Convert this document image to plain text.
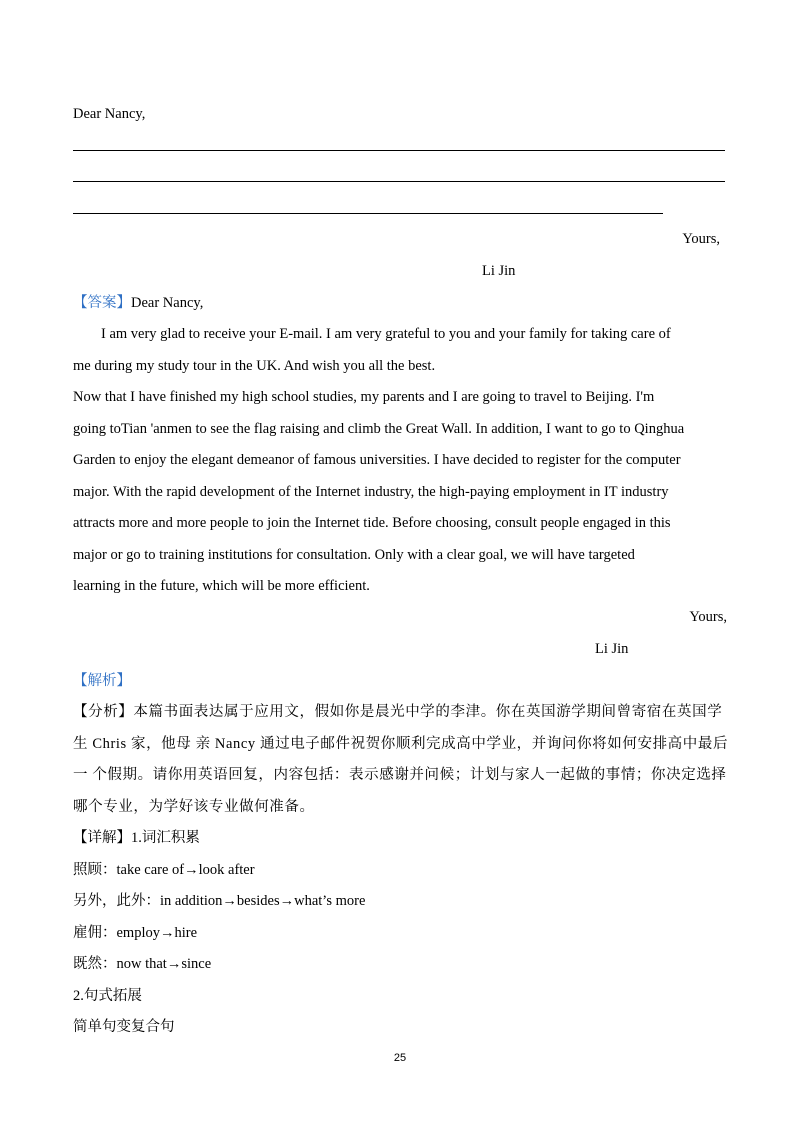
Dear Nancy,
Yours,
Li Jin
【答案】Dear Nancy,
I am very glad to receive your E-mail. I am very grateful to you and your family for taking care of
me during my study tour in the UK. And wish you all the best.
Now that I have finished my high school studies, my parents and I are going to travel to Beijing. I'm
going toTian 'anmen to see the flag raising and climb the Great Wall. In addition, I want to go to Qinghua
Garden to enjoy the elegant demeanor of famous universities. I have decided to register for the computer
major. With the rapid development of the Internet industry, the high-paying employment in IT industry
attracts more and more people to join the Internet tide. Before choosing, consult people engaged in this
major or go to training institutions for consultation. Only with a clear goal, we will have targeted
learning in the future, which will be more efficient.
Yours,
Li Jin
【解析】
【分析】本篇书面表达属于应用文，假如你是晨光中学的李津。你在英国游学期间曾寄宿在英国学
生 Chris 家，他母 亲 Nancy 通过电子邮件祝贺你顺利完成高中学业，并询问你将如何安排高中最后
一 个假期。请你用英语回复，内容包括：表示感谢并问候；计划与家人一起做的事情；你决定选择
哪个专业，为学好该专业做何准备。
【详解】1.词汇积累
照顾：take care of→look after
另外，此外：in addition→besides→what’s more
雇佣：employ→hire
既然：now that→since
2.句式拓展
简单句变复合句
25
